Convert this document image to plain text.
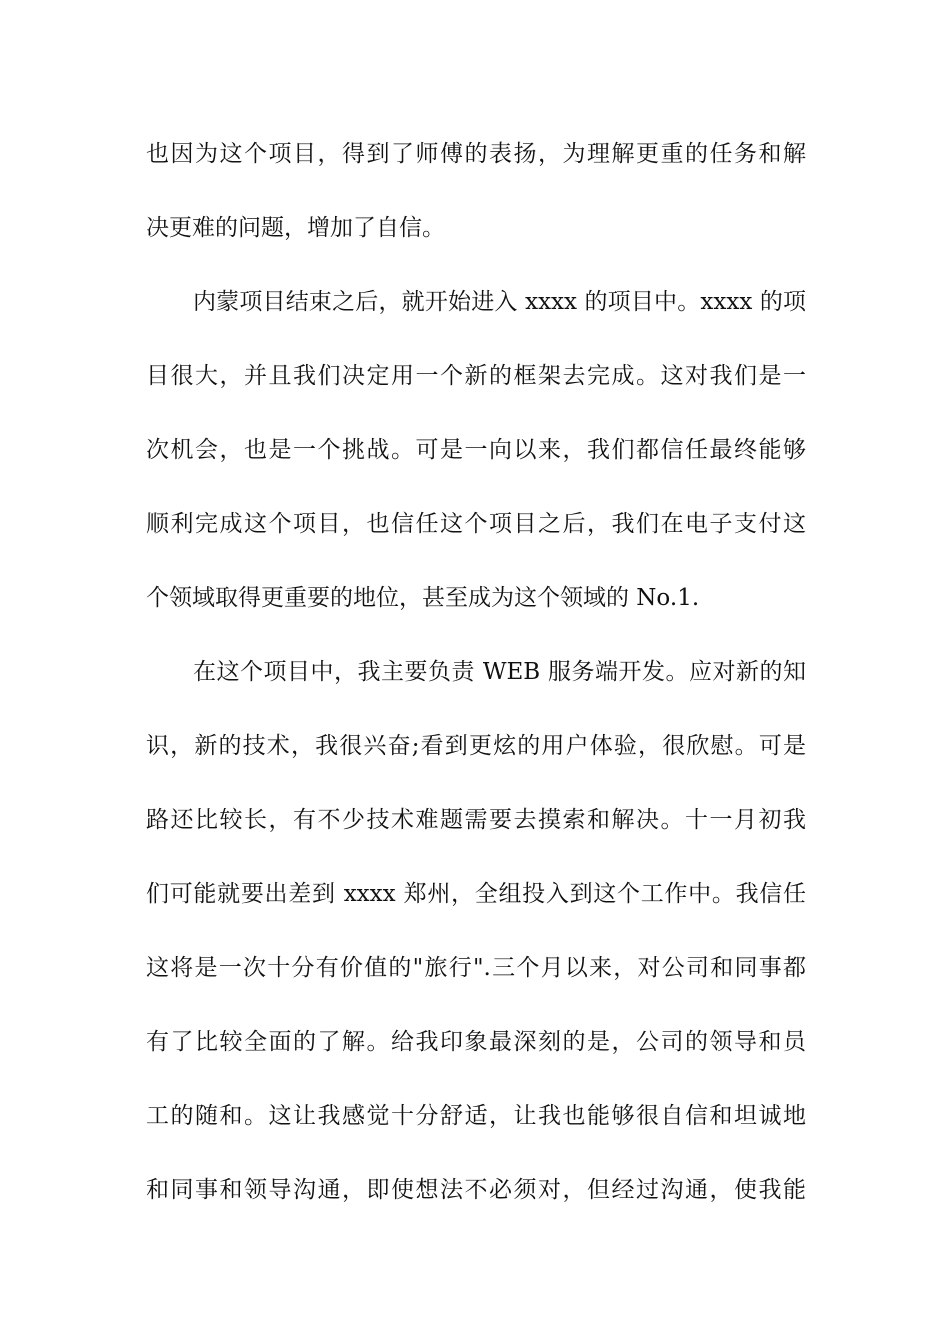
也因为这个项目，得到了师傅的表扬，为理解更重的任务和解
决更难的问题，增加了自信。
内蒙项目结束之后，就开始进入 xxxx 的项目中。xxxx 的项
目很大，并且我们决定用一个新的框架去完成。这对我们是一
次机会，也是一个挑战。可是一向以来，我们都信任最终能够
顺利完成这个项目，也信任这个项目之后，我们在电子支付这
个领域取得更重要的地位，甚至成为这个领域的 No.1.
在这个项目中，我主要负责 WEB 服务端开发。应对新的知
识，新的技术，我很兴奋;看到更炫的用户体验，很欣慰。可是
路还比较长，有不少技术难题需要去摸索和解决。十一月初我
们可能就要出差到 xxxx 郑州，全组投入到这个工作中。我信任
这将是一次十分有价值的"旅行".三个月以来，对公司和同事都
有了比较全面的了解。给我印象最深刻的是，公司的领导和员
工的随和。这让我感觉十分舒适，让我也能够很自信和坦诚地
和同事和领导沟通，即使想法不必须对，但经过沟通，使我能
